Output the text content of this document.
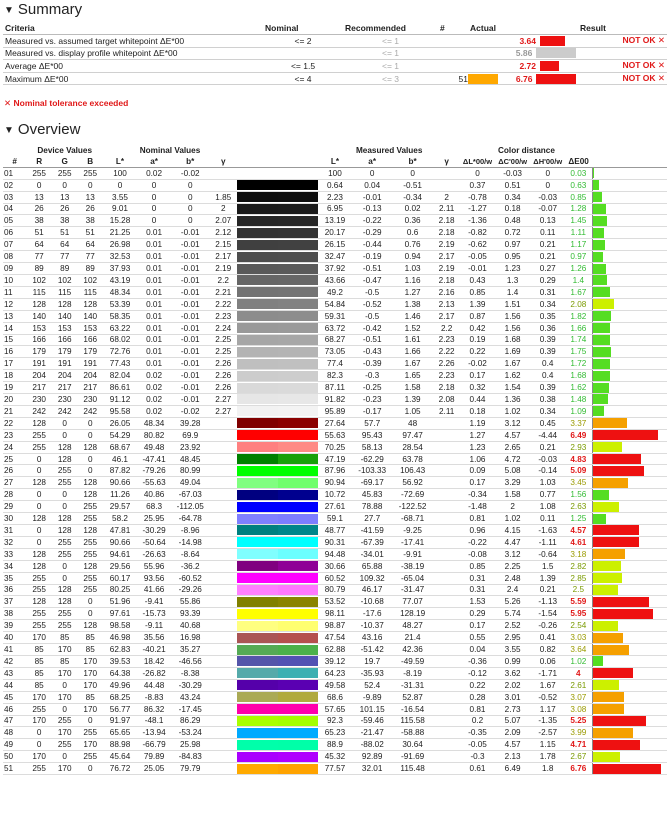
▼ Summary
Criteria	Nominal	Recommended	#	Actual	Result
Measured vs. assumed target whitepoint ΔE*00	<= 2	<= 1		3.64	NOT OK ✕
Measured vs. display profile whitepoint ΔE*00		<= 1		5.86	

Average ΔE*00	<= 1.5	<= 1		2.72	NOT OK ✕
Maximum ΔE*00	<= 4	<= 3	51	6.76	NOT OK ✕
✕ Nominal tolerance exceeded
▼ Overview
	Device Values			Nominal Values						Measured Values				Color distance				
#	R	G	B	L*	a*	b*	γ			L*	a*	b*	γ	ΔL*00/w	ΔC'00/w	ΔH'00/w	ΔE00	
01	255	255	255	100	0.02	-0.02				100	0	0		0	-0.03	0	0.03	

02	0	0	0	0	0	0				0.64	0.04	-0.51		0.37	0.51	0	0.63	

03	13	13	13	3.55	0	0	1.85			2.23	-0.01	-0.34	2	-0.78	0.34	-0.03	0.85	

04	26	26	26	9.01	0	0	2			6.95	-0.13	0.02	2.11	-1.27	0.18	-0.07	1.28	

05	38	38	38	15.28	0	0	2.07			13.19	-0.22	0.36	2.18	-1.36	0.48	0.13	1.45	

06	51	51	51	21.25	0.01	-0.01	2.12			20.17	-0.29	0.6	2.18	-0.82	0.72	0.11	1.11	

07	64	64	64	26.98	0.01	-0.01	2.15			26.15	-0.44	0.76	2.19	-0.62	0.97	0.21	1.17	

08	77	77	77	32.53	0.01	-0.01	2.17			32.47	-0.19	0.94	2.17	-0.05	0.95	0.21	0.97	

09	89	89	89	37.93	0.01	-0.01	2.19			37.92	-0.51	1.03	2.19	-0.01	1.23	0.27	1.26	

10	102	102	102	43.19	0.01	-0.01	2.2			43.66	-0.47	1.16	2.18	0.43	1.3	0.29	1.4	

11	115	115	115	48.34	0.01	-0.01	2.21			49.2	-0.5	1.27	2.16	0.85	1.4	0.31	1.67	

12	128	128	128	53.39	0.01	-0.01	2.22			54.84	-0.52	1.38	2.13	1.39	1.51	0.34	2.08	

13	140	140	140	58.35	0.01	-0.01	2.23			59.31	-0.5	1.46	2.17	0.87	1.56	0.35	1.82	

14	153	153	153	63.22	0.01	-0.01	2.24			63.72	-0.42	1.52	2.2	0.42	1.56	0.36	1.66	

15	166	166	166	68.02	0.01	-0.01	2.25			68.27	-0.51	1.61	2.23	0.19	1.68	0.39	1.74	

16	179	179	179	72.76	0.01	-0.01	2.25			73.05	-0.43	1.66	2.22	0.22	1.69	0.39	1.75	

17	191	191	191	77.43	0.01	-0.01	2.26			77.4	-0.39	1.67	2.26	-0.02	1.67	0.4	1.72	

18	204	204	204	82.04	0.02	-0.01	2.26			82.3	-0.3	1.65	2.23	0.17	1.62	0.4	1.68	

19	217	217	217	86.61	0.02	-0.01	2.26			87.11	-0.25	1.58	2.18	0.32	1.54	0.39	1.62	

20	230	230	230	91.12	0.02	-0.01	2.27			91.82	-0.23	1.39	2.08	0.44	1.36	0.38	1.48	

21	242	242	242	95.58	0.02	-0.02	2.27			95.89	-0.17	1.05	2.11	0.18	1.02	0.34	1.09	

22	128	0	0	26.05	48.34	39.28				27.64	57.7	48		1.19	3.12	0.45	3.37	

23	255	0	0	54.29	80.82	69.9				55.63	95.43	97.47		1.27	4.57	-4.44	6.49	

24	255	128	128	68.67	49.48	23.92				70.25	58.13	28.54		1.23	2.65	0.21	2.93	

25	0	128	0	46.1	-47.41	48.45				47.19	-62.29	63.78		1.06	4.72	-0.03	4.83	

26	0	255	0	87.82	-79.26	80.99				87.96	-103.33	106.43		0.09	5.08	-0.14	5.09	

27	128	255	128	90.66	-55.63	49.04				90.94	-69.17	56.92		0.17	3.29	1.03	3.45	

28	0	0	128	11.26	40.86	-67.03				10.72	45.83	-72.69		-0.34	1.58	0.77	1.56	

29	0	0	255	29.57	68.3	-112.05				27.61	78.88	-122.52		-1.48	2	1.08	2.63	

30	128	128	255	58.2	25.95	-64.78				59.1	27.7	-68.71		0.81	1.02	0.11	1.25	

31	0	128	128	47.81	-30.29	-8.96				48.77	-41.59	-9.25		0.96	4.15	-1.63	4.57	

32	0	255	255	90.66	-50.64	-14.98				90.31	-67.39	-17.41		-0.22	4.47	-1.11	4.61	

33	128	255	255	94.61	-26.63	-8.64				94.48	-34.01	-9.91		-0.08	3.12	-0.64	3.18	

34	128	0	128	29.56	55.96	-36.2				30.66	65.88	-38.19		0.85	2.25	1.5	2.82	

35	255	0	255	60.17	93.56	-60.52				60.52	109.32	-65.04		0.31	2.48	1.39	2.85	

36	255	128	255	80.25	41.66	-29.26				80.79	46.17	-31.47		0.31	2.4	0.21	2.5	

37	128	128	0	51.96	-9.41	55.86				53.52	-10.68	77.07		1.53	5.26	-1.13	5.59	

38	255	255	0	97.61	-15.73	93.39				98.11	-17.6	128.19		0.29	5.74	-1.54	5.95	

39	255	255	128	98.58	-9.11	40.68				98.87	-10.37	48.27		0.17	2.52	-0.26	2.54	

40	170	85	85	46.98	35.56	16.98				47.54	43.16	21.4		0.55	2.95	0.41	3.03	

41	85	170	85	62.83	-40.21	35.27				62.88	-51.42	42.36		0.04	3.55	0.82	3.64	

42	85	85	170	39.53	18.42	-46.56				39.12	19.7	-49.59		-0.36	0.99	0.06	1.02	

43	85	170	170	64.38	-26.82	-8.38				64.23	-35.93	-8.19		-0.12	3.62	-1.71	4	

44	85	0	170	49.96	44.48	-30.29				49.58	52.4	-31.31		0.22	2.02	1.67	2.61	

45	170	170	85	68.25	-8.83	43.24				68.6	-9.89	52.87		0.28	3.01	-0.52	3.07	

46	255	0	170	56.77	86.32	-17.45				57.65	101.15	-16.54		0.81	2.73	1.17	3.08	

47	170	255	0	91.97	-48.1	86.29				92.3	-59.46	115.58		0.2	5.07	-1.35	5.25	

48	0	170	255	65.65	-13.94	-53.24				65.23	-21.47	-58.88		-0.35	2.09	-2.57	3.99	

49	0	255	170	88.98	-66.79	25.98				88.9	-88.02	30.64		-0.05	4.57	1.15	4.71	

50	170	0	255	45.64	79.89	-84.83				45.32	92.89	-91.69		-0.3	2.13	1.78	2.67	

51	255	170	0	76.72	25.05	79.79				77.57	32.01	115.48		0.61	6.49	1.8	6.76	
